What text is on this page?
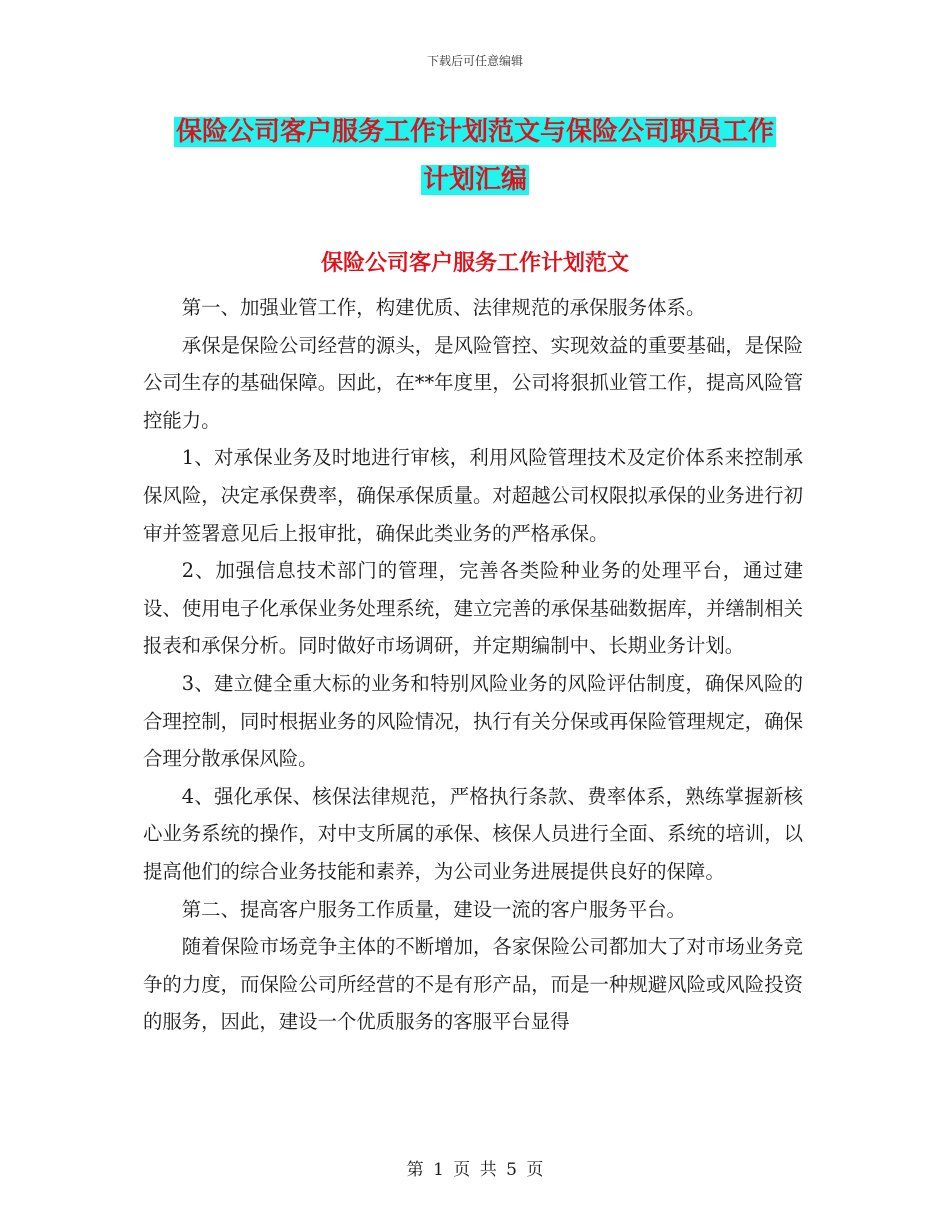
下载后可任意编辑
保险公司客户服务工作计划范文与保险公司职员工作
计划汇编
保险公司客户服务工作计划范文

第一、加强业管工作，构建优质、法律规范的承保服务体系。

承保是保险公司经营的源头，是风险管控、实现效益的重要基础，是保险公司生存的基础保障。因此，在**年度里，公司将狠抓业管工作，提高风险管控能力。

1、对承保业务及时地进行审核，利用风险管理技术及定价体系来控制承保风险，决定承保费率，确保承保质量。对超越公司权限拟承保的业务进行初审并签署意见后上报审批，确保此类业务的严格承保。

2、加强信息技术部门的管理，完善各类险种业务的处理平台，通过建设、使用电子化承保业务处理系统，建立完善的承保基础数据库，并缮制相关报表和承保分析。同时做好市场调研，并定期编制中、长期业务计划。

3、建立健全重大标的业务和特别风险业务的风险评估制度，确保风险的合理控制，同时根据业务的风险情况，执行有关分保或再保险管理规定，确保合理分散承保风险。

4、强化承保、核保法律规范，严格执行条款、费率体系，熟练掌握新核心业务系统的操作，对中支所属的承保、核保人员进行全面、系统的培训，以提高他们的综合业务技能和素养，为公司业务进展提供良好的保障。

第二、提高客户服务工作质量，建设一流的客户服务平台。

随着保险市场竞争主体的不断增加，各家保险公司都加大了对市场业务竞争的力度，而保险公司所经营的不是有形产品，而是一种规避风险或风险投资的服务，因此，建设一个优质服务的客服平台显得

第 1 页 共 5 页
